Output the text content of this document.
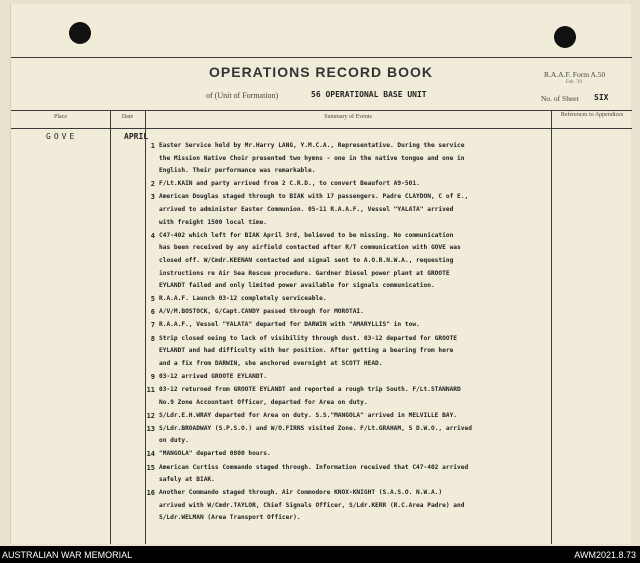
OPERATIONS RECORD BOOK
of (Unit of Formation)	56 OPERATIONAL BASE UNIT
R.A.A.F. Form A.50
Feb. '39
No. of Sheet SIX
Place	Date	Summary of Events	References to Appendices
GOVE	APRIL
1 Easter Service held by Mr.Harry LANG, Y.M.C.A., Representative. During the service
the Mission Native Choir presented two hymns - one in the native tongue and one in
English. Their performance was remarkable.
2 F/Lt.KAIN and party arrived from 2 C.R.D., to convert Beaufort A9-501.
3 American Douglas staged through to BIAK with 17 passengers. Padre CLAYDON, C of E.,
arrived to administer Easter Communion. 05-11 R.A.A.F., Vessel "YALATA" arrived
with freight 1500 local time.
4 C47-402 which left for BIAK April 3rd, believed to be missing. No communication
has been received by any airfield contacted after R/T communication with GOVE was
closed off. W/Cmdr.KEENAN contacted and signal sent to A.O.R.N.W.A., requesting
instructions re Air Sea Rescue procedure. Gardner Diesel power plant at GROOTE
EYLANDT failed and only limited power available for signals communication.
5 R.A.A.F. Launch 03-12 completely serviceable.
6 A/V/M.BOSTOCK, G/Capt.CANDY passed through for MOROTAI.
7 R.A.A.F., Vessel "YALATA" departed for DARWIN with "AMARYLLIS" in tow.
8 Strip closed oeing to lack of visibility through dust. 03-12 departed for GROOTE
EYLANDT and had difficulty with her position. After getting a bearing from here
and a fix from DARWIN, she anchored overnight at SCOTT HEAD.
9 03-12 arrived GROOTE EYLANDT.
11 03-12 returned from GROOTE EYLANDT and reported a rough trip South. F/Lt.STANNARD
No.9 Zone Accountant Officer, departed for Area on duty.
12 S/Ldr.E.H.WRAY departed for Area on duty. S.S."MANGOLA" arrived in MELVILLE BAY.
13 S/Ldr.BROADWAY (S.P.S.O.) and W/O.FIRNS visited Zone. F/Lt.GRAHAM, S D.W.O., arrived
on duty.
14 "MANGOLA" departed 0800 hours.
15 American Curtiss Commando staged through. Information received that C47-402 arrived
safely at BIAK.
16 Another Commando staged through. Air Commodore KNOX-KNIGHT (S.A.S.O. N.W.A.)
arrived with W/Cmdr.TAYLOR, Chief Signals Officer, S/Ldr.KERR (R.C.Area Padre) and
S/Ldr.WELMAN (Area Transport Officer).
AUSTRALIAN WAR MEMORIAL	AWM2021.8.73
